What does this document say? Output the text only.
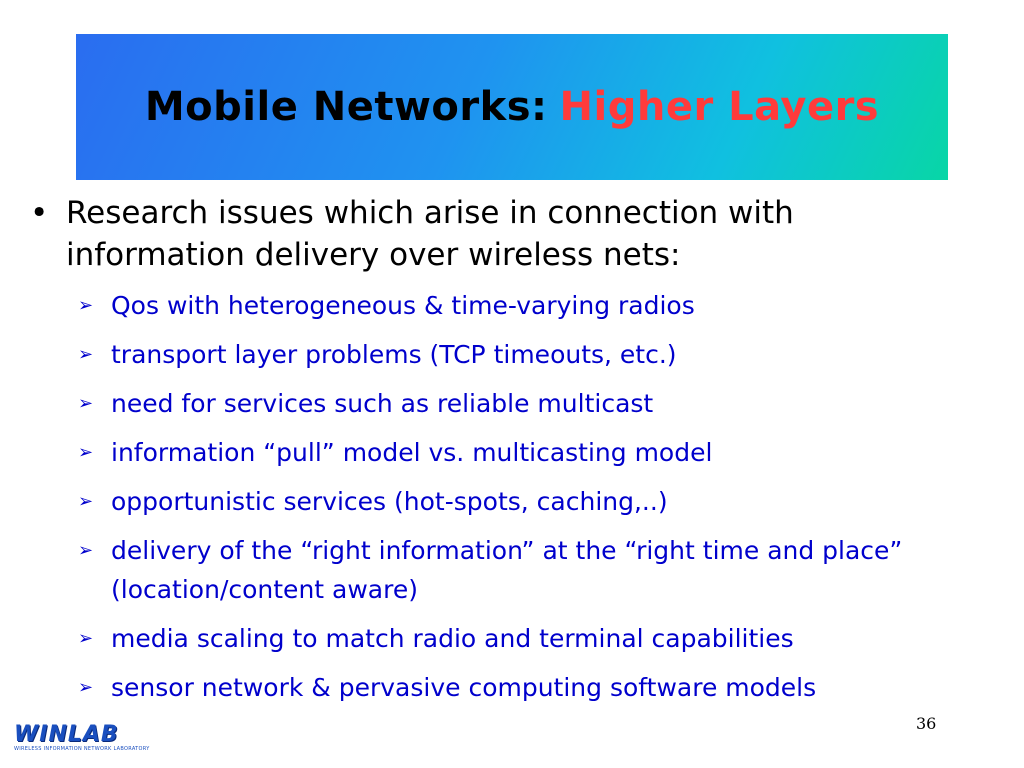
Mobile Networks: Higher Layers
• Research issues which arise in connection with information delivery over wireless nets:
➢ Qos with heterogeneous & time-varying radios
➢ transport layer problems (TCP timeouts, etc.)
➢ need for services such as reliable multicast
➢ information “pull” model vs. multicasting model
➢ opportunistic services (hot-spots, caching,..)
➢ delivery of the “right information” at the “right time and place” (location/content aware)
➢ media scaling to match radio and terminal capabilities
➢ sensor network & pervasive computing software models
WINLAB
WIRELESS INFORMATION NETWORK LABORATORY
36
